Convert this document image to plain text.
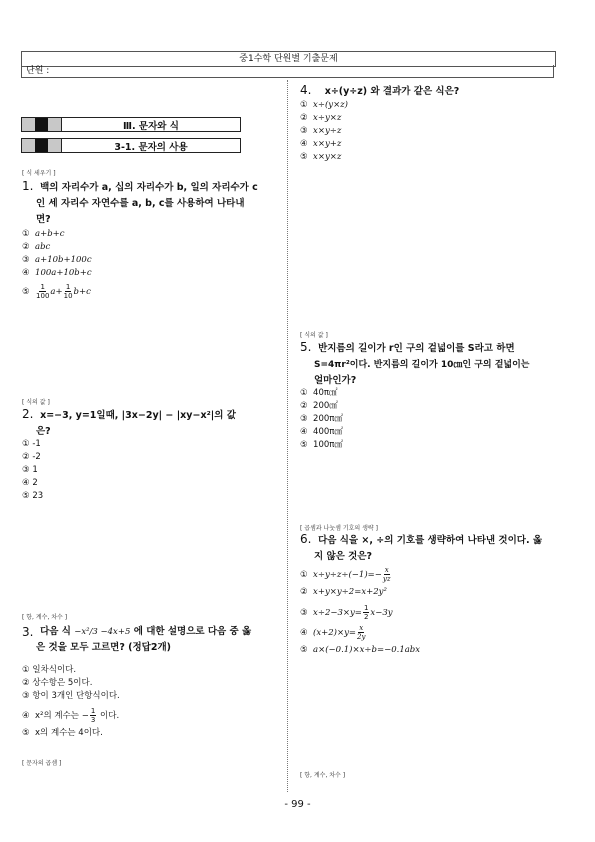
중1수학 단원별 기출문제
단원 :
Ⅲ. 문자와 식
3-1. 문자의 사용
[ 식 세우기 ]
1. 백의 자리수가 a, 십의 자리수가 b, 일의 자리수가 c
인 세 자리수 자연수를 a, b, c를 사용하여 나타내
면?
① a+b+c
② abc
③ a+10b+100c
④ 100a+10b+c
⑤ $\frac{1}{100} a+ \frac{1}{10} b+c$
[ 식의 값 ]
2. x=−3, y=1일때, |3x−2y| − |xy−x²|의 값
은?
① -1
② -2
③ 1
④ 2
⑤ 23
[ 항, 계수, 차수 ]
3.
다음 식
−x²/3 −4x+5
에 대한 설명으로 다음 중 옳
은 것을 모두 고르면? (정답2개)
① 일차식이다.
② 상수항은 5이다.
③ 항이 3개인 단항식이다.
④ x²의 계수는 − $\frac{1}{3}$ 이다.
⑤ x의 계수는 4이다.
[ 문자의 곱셈 ]
4. x÷(y÷z) 와 결과가 같은 식은?
① x÷(y×z)
② x÷y×z
③ x×y÷z
④ x×y+z
⑤ x×y×z
[ 식의 값 ]
5. 반지름의 길이가 r인 구의 겉넓이를 S라고 하면
S=4πr²이다. 반지름의 길이가 10㎝인 구의 겉넓이는
얼마인가?
① 40π㎠
② 200㎠
③ 200π㎠
④ 400π㎠
⑤ 100π㎠
[ 곱셈과 나눗셈 기호의 생략 ]
6. 다음 식을 ×, ÷의 기호를 생략하여 나타낸 것이다. 옳
지 않은 것은?
① $x\div y\div z\div(-1)=- \frac{x}{yz}$
② x+y×y÷2=x+2y²
③ $x\div 2-3\times y= \frac{1}{2} x-3y$
④ $(x+2)\times y= \frac{x}{2y}$
⑤ a×(−0.1)×x÷b=−0.1abx
[ 항, 계수, 차수 ]
- 99 -
